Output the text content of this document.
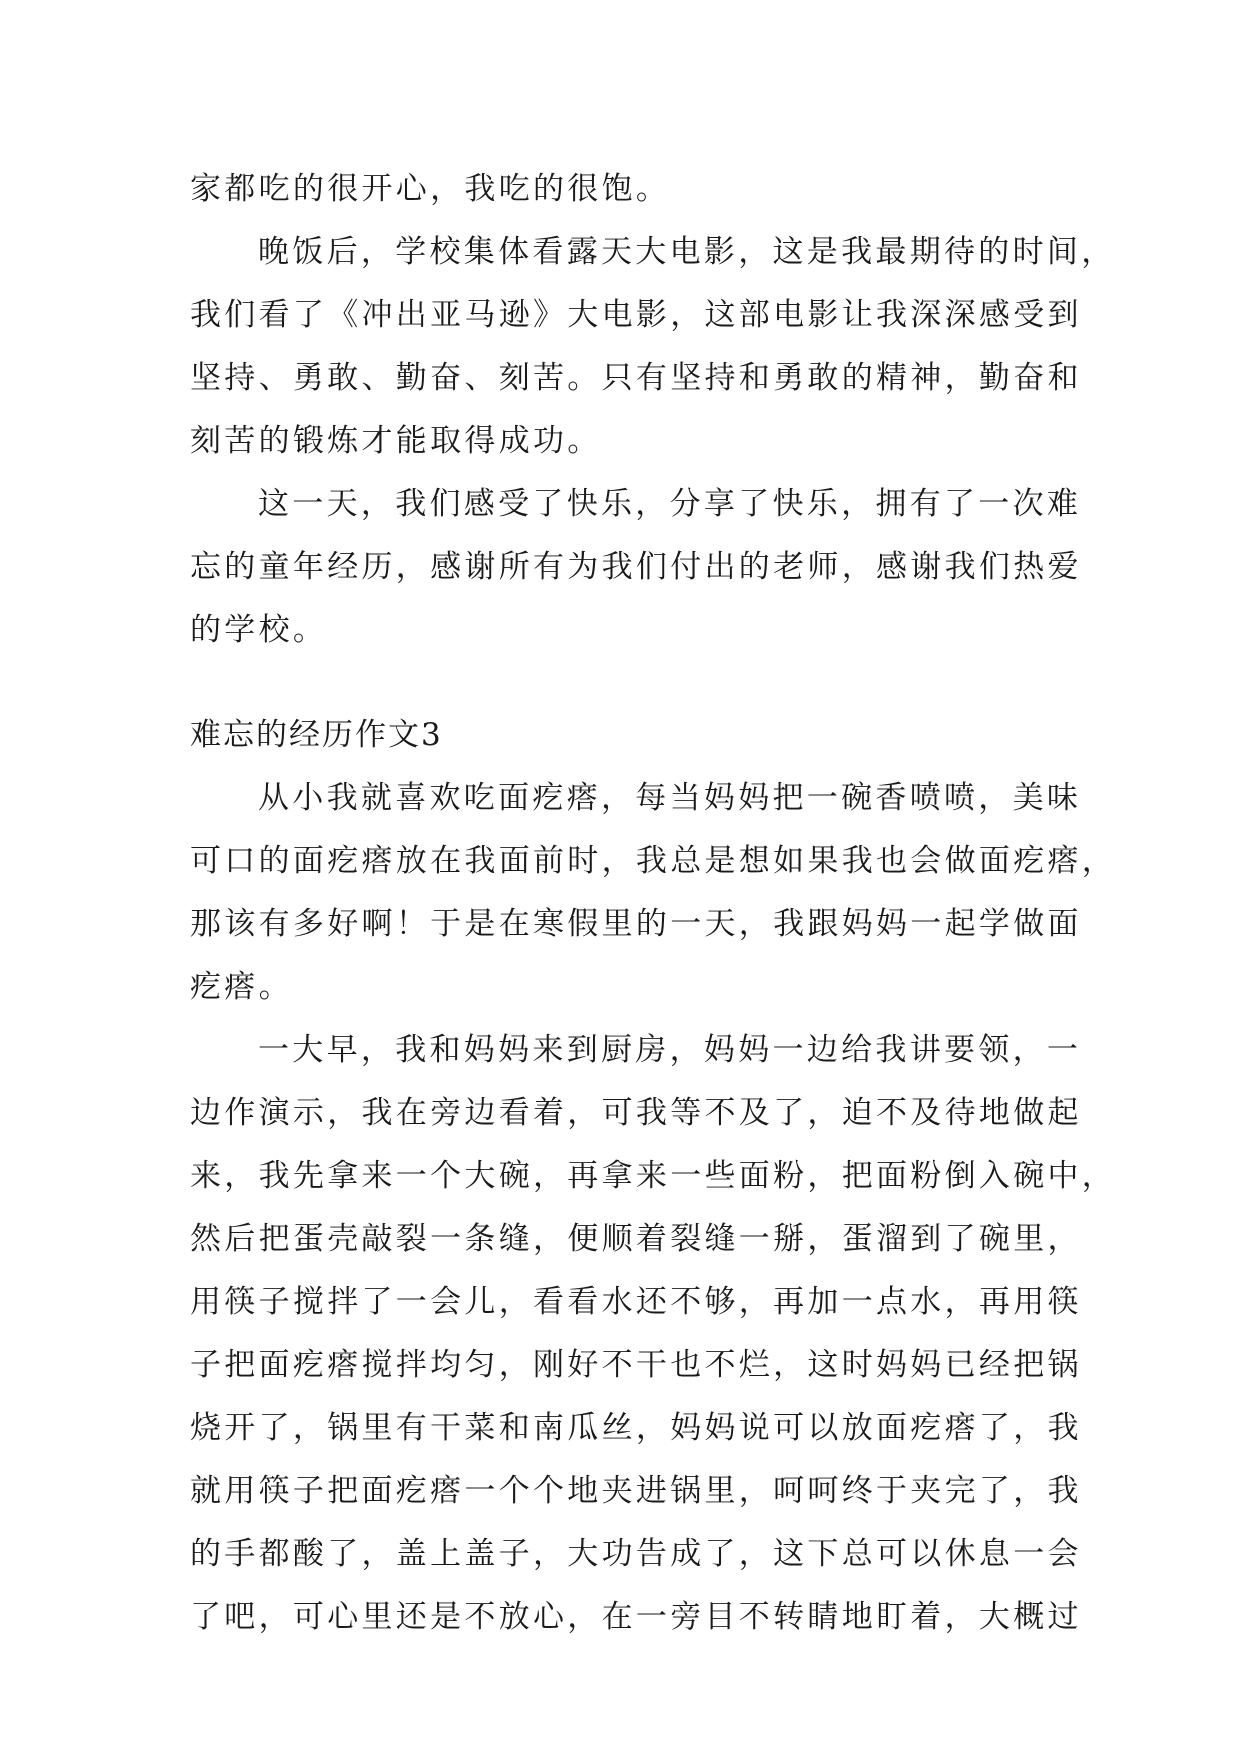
家都吃的很开心，我吃的很饱。
晚饭后，学校集体看露天大电影，这是我最期待的时间，
我们看了《冲出亚马逊》大电影，这部电影让我深深感受到
坚持、勇敢、勤奋、刻苦。只有坚持和勇敢的精神，勤奋和
刻苦的锻炼才能取得成功。
这一天，我们感受了快乐，分享了快乐，拥有了一次难
忘的童年经历，感谢所有为我们付出的老师，感谢我们热爱
的学校。
难忘的经历作文3
从小我就喜欢吃面疙瘩，每当妈妈把一碗香喷喷，美味
可口的面疙瘩放在我面前时，我总是想如果我也会做面疙瘩，
那该有多好啊！于是在寒假里的一天，我跟妈妈一起学做面
疙瘩。
一大早，我和妈妈来到厨房，妈妈一边给我讲要领，一
边作演示，我在旁边看着，可我等不及了，迫不及待地做起
来，我先拿来一个大碗，再拿来一些面粉，把面粉倒入碗中，
然后把蛋壳敲裂一条缝，便顺着裂缝一掰，蛋溜到了碗里，
用筷子搅拌了一会儿，看看水还不够，再加一点水，再用筷
子把面疙瘩搅拌均匀，刚好不干也不烂，这时妈妈已经把锅
烧开了，锅里有干菜和南瓜丝，妈妈说可以放面疙瘩了，我
就用筷子把面疙瘩一个个地夹进锅里，呵呵终于夹完了，我
的手都酸了，盖上盖子，大功告成了，这下总可以休息一会
了吧，可心里还是不放心，在一旁目不转睛地盯着，大概过
